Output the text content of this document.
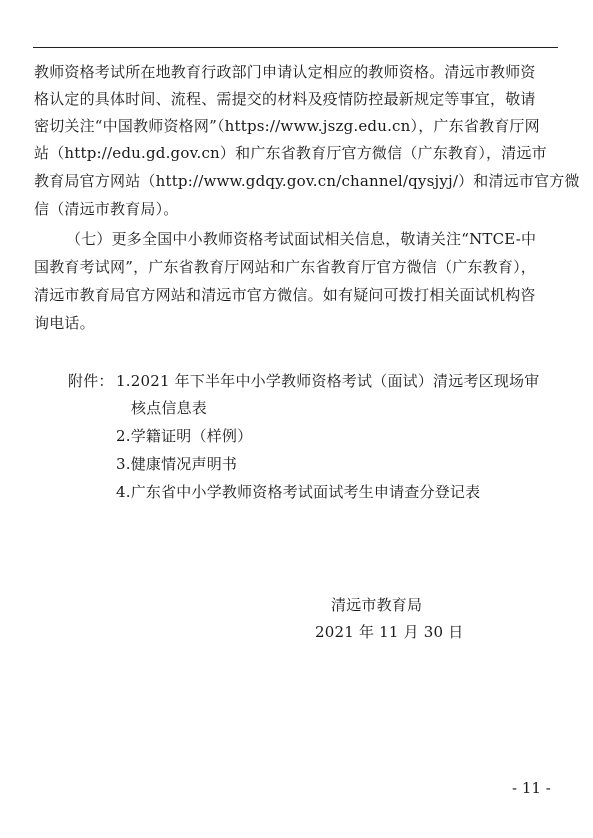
教师资格考试所在地教育行政部门申请认定相应的教师资格。清远市教师资
格认定的具体时间、流程、需提交的材料及疫情防控最新规定等事宜，敬请
密切关注“中国教师资格网”（https://www.jszg.edu.cn），广东省教育厅网
站（http://edu.gd.gov.cn）和广东省教育厅官方微信（广东教育），清远市
教育局官方网站（http://www.gdqy.gov.cn/channel/qysjyj/）和清远市官方微
信（清远市教育局）。
（七）更多全国中小教师资格考试面试相关信息，敬请关注“NTCE-中
国教育考试网”，广东省教育厅网站和广东省教育厅官方微信（广东教育），
清远市教育局官方网站和清远市官方微信。如有疑问可拨打相关面试机构咨
询电话。
附件： 1.2021 年下半年中小学教师资格考试（面试）清远考区现场审
核点信息表
2.学籍证明（样例）
3.健康情况声明书
4.广东省中小学教师资格考试面试考生申请查分登记表
清远市教育局
2021 年 11 月 30 日
- 11 -
